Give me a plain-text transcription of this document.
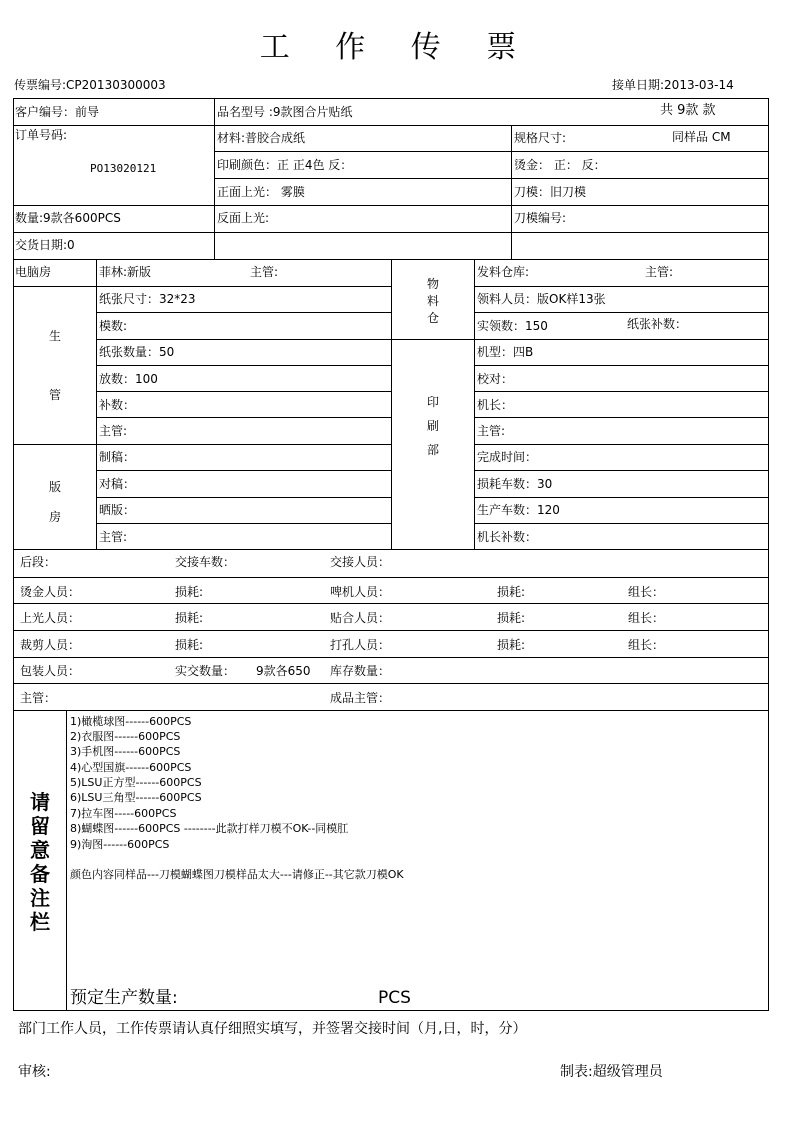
工 作 传 票
传票编号:CP20130300003	接单日期:2013-03-14
客户编号：前导	品名型号 :9款图合片贴纸	共 9款 款
订单号码:
PO13020121
材料:普胶合成纸	规格尺寸:	同样品 CM
印刷颜色：正 正4色 反：	烫金： 正： 反：
正面上光： 雾膜	刀模：旧刀模
数量:9款各600PCS	反面上光:	刀模编号:
交货日期:0
电脑房	菲林:新版	主管:
物
料
仓
发料仓库:	主管:
纸张尺寸：32*23	领料人员：版OK样13张
模数:	实领数：150	纸张补数：
生
管
纸张数量：50	机型：四B
放数：100	校对：
补数：	机长：
主管:	主管:
印
刷
部
版
房
制稿：	完成时间：
对稿：	损耗车数：30
晒版：	生产车数：120
主管:	机长补数：
后段：	交接车数：	交接人员：
烫金人员：	损耗:	啤机人员：	损耗:	组长：
上光人员：	损耗:	贴合人员：	损耗:	组长：
裁剪人员：	损耗:	打孔人员：	损耗:	组长：
包装人员：	实交数量： 9款各650 库存数量：
主管：	成品主管：
请
留
意
备
注
栏
1)橄榄球图------600PCS
2)衣服图------600PCS
3)手机图------600PCS
4)心型国旗------600PCS
5)LSU正方型------600PCS
6)LSU三角型------600PCS
7)拉车图-----600PCS
8)蝴蝶图------600PCS --------此款打样刀模不OK--同模肛
9)洵图------600PCS
颜色内容同样品---刀模蝴蝶图刀模样品太大---请修正--其它款刀模OK
预定生产数量:	PCS
部门工作人员，工作传票请认真仔细照实填写，并签署交接时间（月,日，时，分）
审核:	制表:超级管理员
